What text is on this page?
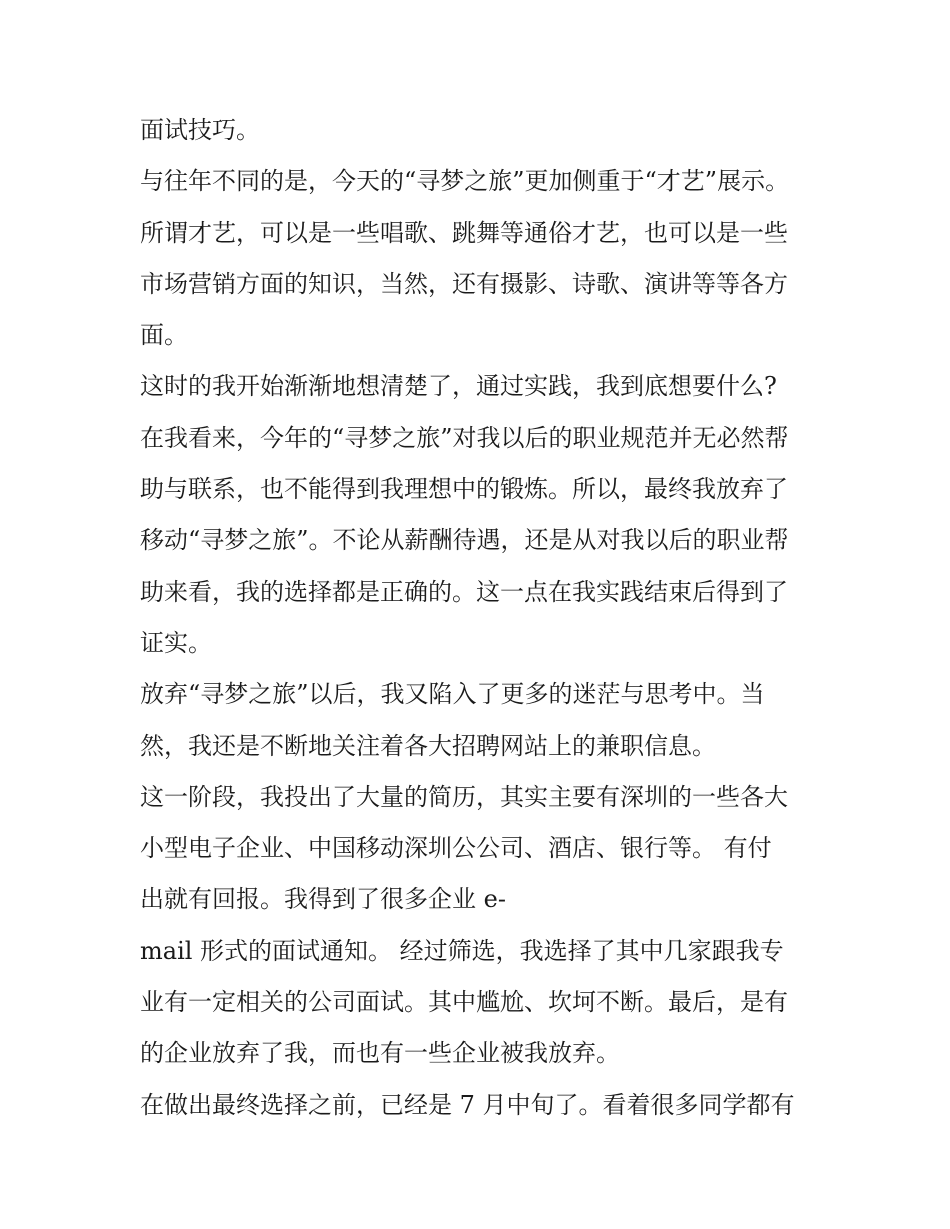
面试技巧。
与往年不同的是，今天的“寻梦之旅”更加侧重于“才艺”展示。
所谓才艺，可以是一些唱歌、跳舞等通俗才艺，也可以是一些
市场营销方面的知识，当然，还有摄影、诗歌、演讲等等各方
面。
这时的我开始渐渐地想清楚了，通过实践，我到底想要什么?
在我看来，今年的“寻梦之旅”对我以后的职业规范并无必然帮
助与联系，也不能得到我理想中的锻炼。所以，最终我放弃了
移动“寻梦之旅”。不论从薪酬待遇，还是从对我以后的职业帮
助来看，我的选择都是正确的。这一点在我实践结束后得到了
证实。
放弃“寻梦之旅”以后，我又陷入了更多的迷茫与思考中。当
然，我还是不断地关注着各大招聘网站上的兼职信息。
这一阶段，我投出了大量的简历，其实主要有深圳的一些各大
小型电子企业、中国移动深圳公公司、酒店、银行等。 有付
出就有回报。我得到了很多企业 e-
mail 形式的面试通知。 经过筛选，我选择了其中几家跟我专
业有一定相关的公司面试。其中尴尬、坎坷不断。最后，是有
的企业放弃了我，而也有一些企业被我放弃。
在做出最终选择之前，已经是 7 月中旬了。看着很多同学都有
